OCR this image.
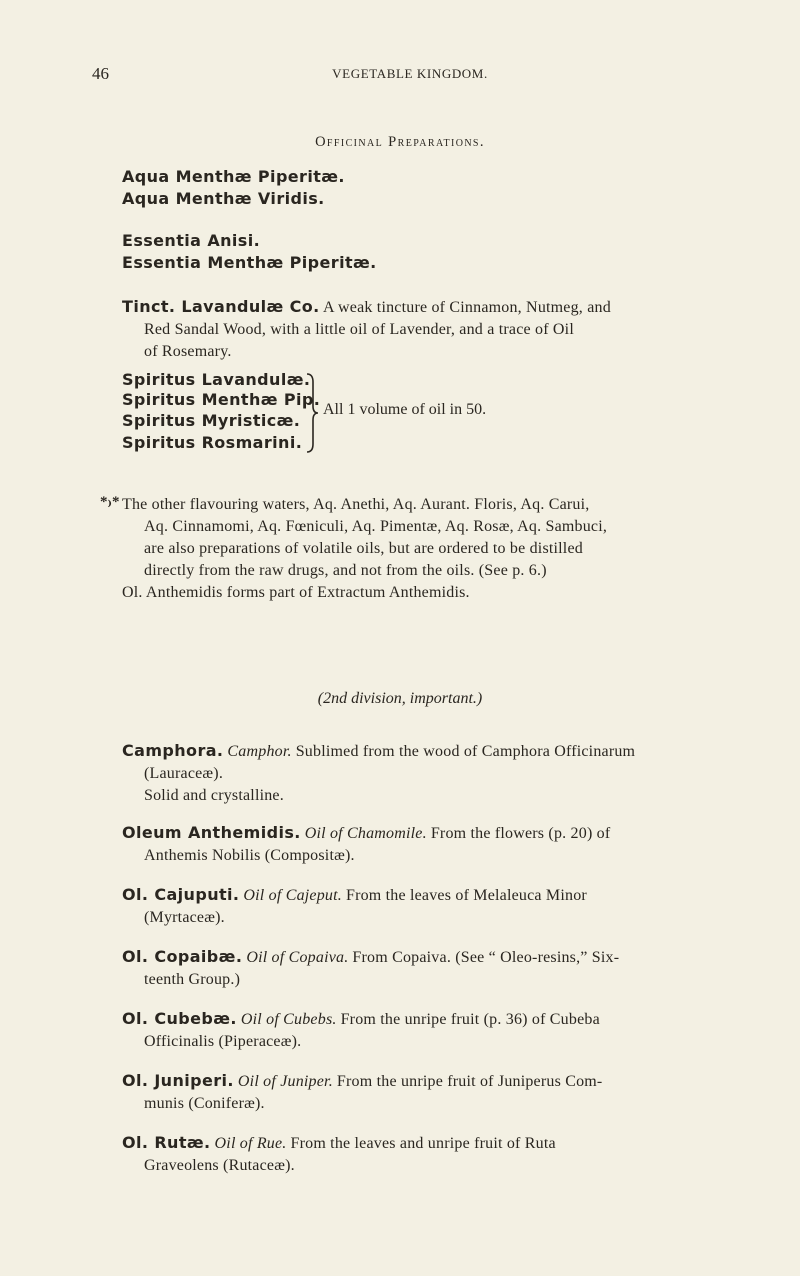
46	VEGETABLE KINGDOM.
Officinal Preparations.
Aqua Menthæ Piperitæ.
Aqua Menthæ Viridis.
Essentia Anisi.
Essentia Menthæ Piperitæ.
Tinct. Lavandulæ Co. A weak tincture of Cinnamon, Nutmeg, and
Red Sandal Wood, with a little oil of Lavender, and a trace of Oil
of Rosemary.
Spiritus Lavandulæ.
Spiritus Menthæ Pip.
Spiritus Myristicæ.
Spiritus Rosmarini.
All 1 volume of oil in 50.
*₎* The other flavouring waters, Aq. Anethi, Aq. Aurant. Floris, Aq. Carui,
Aq. Cinnamomi, Aq. Fœniculi, Aq. Pimentæ, Aq. Rosæ, Aq. Sambuci,
are also preparations of volatile oils, but are ordered to be distilled
directly from the raw drugs, and not from the oils. (See p. 6.)
Ol. Anthemidis forms part of Extractum Anthemidis.
(2nd division, important.)
Camphora. Camphor. Sublimed from the wood of Camphora Officinarum
(Lauraceæ).
Solid and crystalline.
Oleum Anthemidis. Oil of Chamomile. From the flowers (p. 20) of
Anthemis Nobilis (Compositæ).
Ol. Cajuputi. Oil of Cajeput. From the leaves of Melaleuca Minor
(Myrtaceæ).
Ol. Copaibæ. Oil of Copaiva. From Copaiva. (See “ Oleo-resins,” Six-
teenth Group.)
Ol. Cubebæ. Oil of Cubebs. From the unripe fruit (p. 36) of Cubeba
Officinalis (Piperaceæ).
Ol. Juniperi. Oil of Juniper. From the unripe fruit of Juniperus Com-
munis (Coniferæ).
Ol. Rutæ. Oil of Rue. From the leaves and unripe fruit of Ruta
Graveolens (Rutaceæ).
